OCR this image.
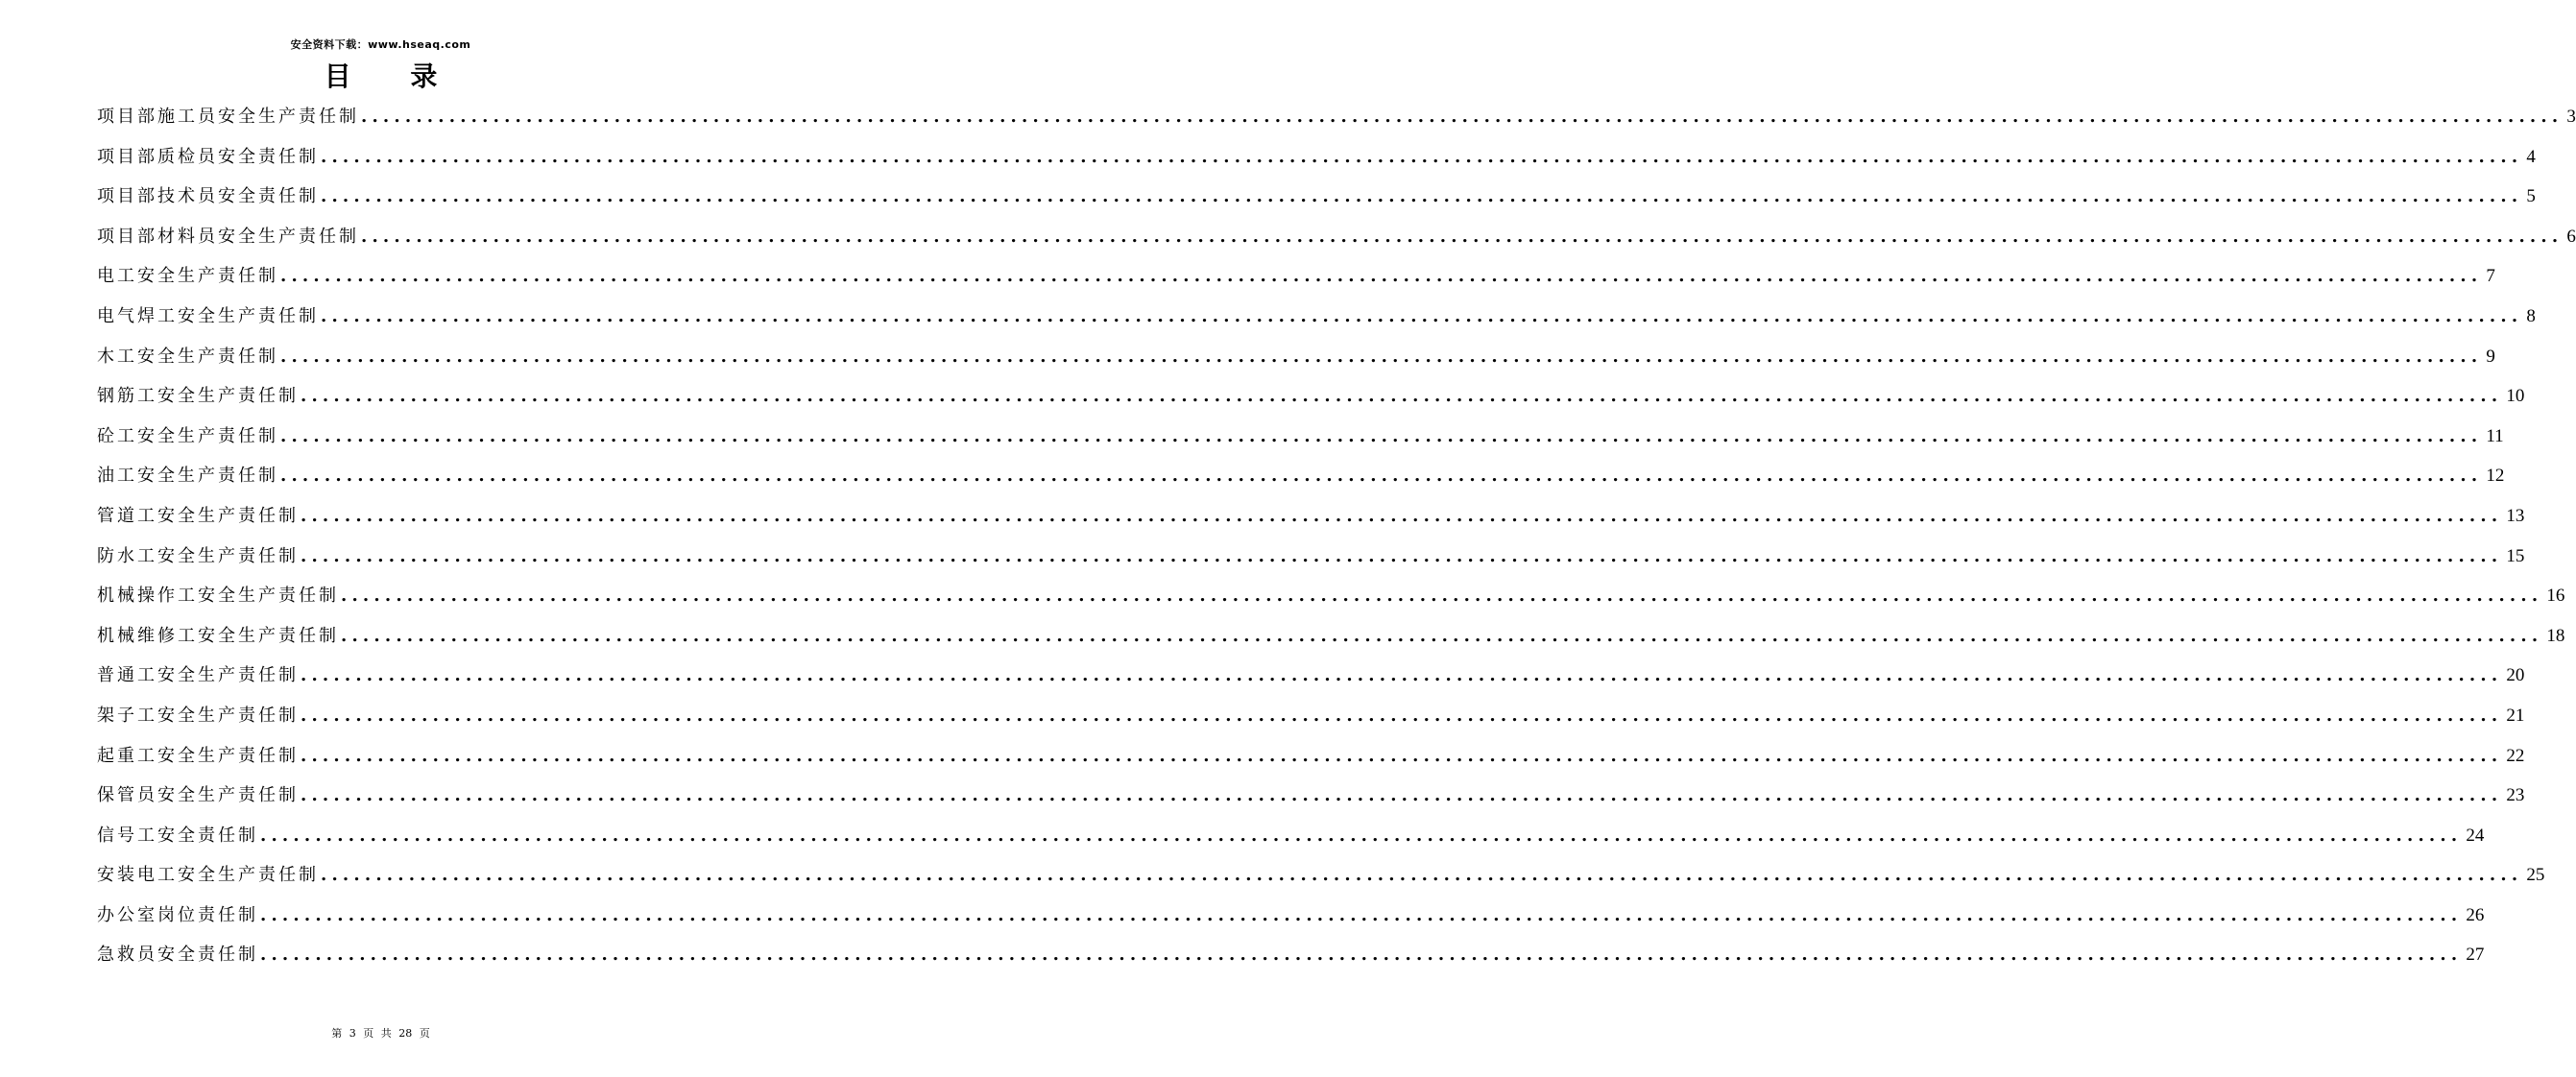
安全资料下载：www.hseaq.com
目 录
项目部施工员安全生产责任制 ........................................................................................................................................................................................................ 3
项目部质检员安全责任制 ........................................................................................................................................................................................................ 4
项目部技术员安全责任制 ........................................................................................................................................................................................................ 5
项目部材料员安全生产责任制 ........................................................................................................................................................................................................ 6
电工安全生产责任制 ........................................................................................................................................................................................................ 7
电气焊工安全生产责任制 ........................................................................................................................................................................................................ 8
木工安全生产责任制 ........................................................................................................................................................................................................ 9
钢筋工安全生产责任制 ........................................................................................................................................................................................................ 10
砼工安全生产责任制 ........................................................................................................................................................................................................ 11
油工安全生产责任制 ........................................................................................................................................................................................................ 12
管道工安全生产责任制 ........................................................................................................................................................................................................ 13
防水工安全生产责任制 ........................................................................................................................................................................................................ 15
机械操作工安全生产责任制 ........................................................................................................................................................................................................ 16
机械维修工安全生产责任制 ........................................................................................................................................................................................................ 18
普通工安全生产责任制 ........................................................................................................................................................................................................ 20
架子工安全生产责任制 ........................................................................................................................................................................................................ 21
起重工安全生产责任制 ........................................................................................................................................................................................................ 22
保管员安全生产责任制 ........................................................................................................................................................................................................ 23
信号工安全责任制 ........................................................................................................................................................................................................ 24
安装电工安全生产责任制 ........................................................................................................................................................................................................ 25
办公室岗位责任制 ........................................................................................................................................................................................................ 26
急救员安全责任制 ........................................................................................................................................................................................................ 27
第 3 页 共 28 页
